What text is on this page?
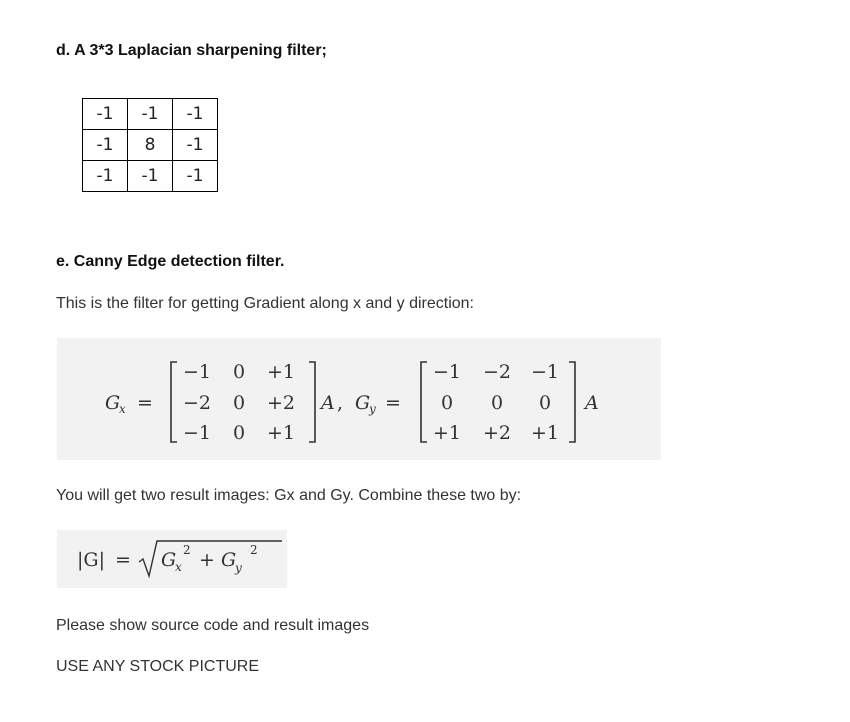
d. A 3*3 Laplacian sharpening filter;
-1	-1	-1
-1	8	-1
-1	-1	-1
e. Canny Edge detection filter.
This is the filter for getting Gradient along x and y direction:
G
x =
−1 0 +1
−2 0 +2
−1 0 +1
A , G
y =
−1 −2 −1
0 0 0
+1 +2 +1
A
You will get two result images: Gx and Gy. Combine these two by:
|G| = G
x
2 + G
y
2
Please show source code and result images
USE ANY STOCK PICTURE
